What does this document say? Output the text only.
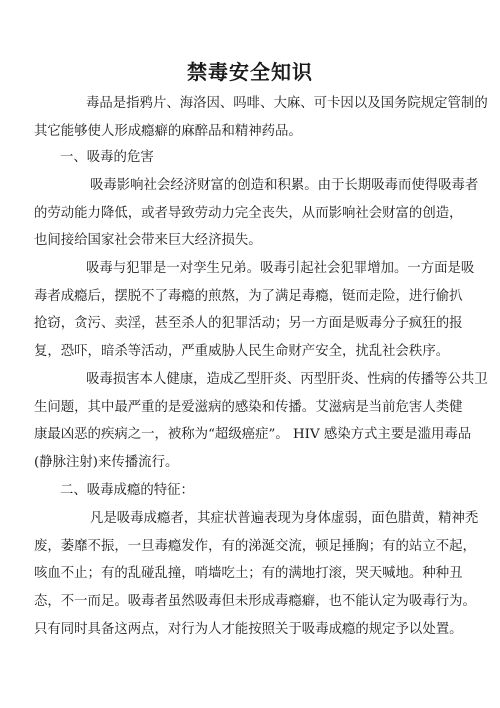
禁毒安全知识

毒品是指鸦片、海洛因、吗啡、大麻、可卡因以及国务院规定管制的
其它能够使人形成瘾癖的麻醉品和精神药品。

一、吸毒的危害

吸毒影响社会经济财富的创造和积累。由于长期吸毒而使得吸毒者
的劳动能力降低，或者导致劳动力完全丧失，从而影响社会财富的创造，
也间接给国家社会带来巨大经济损失。

吸毒与犯罪是一对孪生兄弟。吸毒引起社会犯罪增加。一方面是吸
毒者成瘾后，摆脱不了毒瘾的煎熬，为了满足毒瘾，铤而走险，进行偷扒
抢窃，贪污、卖淫，甚至杀人的犯罪活动；另一方面是贩毒分子疯狂的报
复，恐吓，暗杀等活动，严重威胁人民生命财产安全，扰乱社会秩序。

吸毒损害本人健康，造成乙型肝炎、丙型肝炎、性病的传播等公共卫
生问题，其中最严重的是爱滋病的感染和传播。艾滋病是当前危害人类健
康最凶恶的疾病之一，被称为“超级癌症”。 HIV 感染方式主要是滥用毒品
(静脉注射)来传播流行。

二、吸毒成瘾的特征：

凡是吸毒成瘾者，其症状普遍表现为身体虚弱，面色腊黄，精神禿
废，萎靡不振，一旦毒瘾发作，有的涕涎交流，顿足捶胸；有的站立不起，
咳血不止；有的乱碰乱撞，哨墙吃土；有的满地打滚，哭天喊地。种种丑
态，不一而足。吸毒者虽然吸毒但未形成毒瘾癖，也不能认定为吸毒行为。
只有同时具备这两点，对行为人才能按照关于吸毒成瘾的规定予以处置。
